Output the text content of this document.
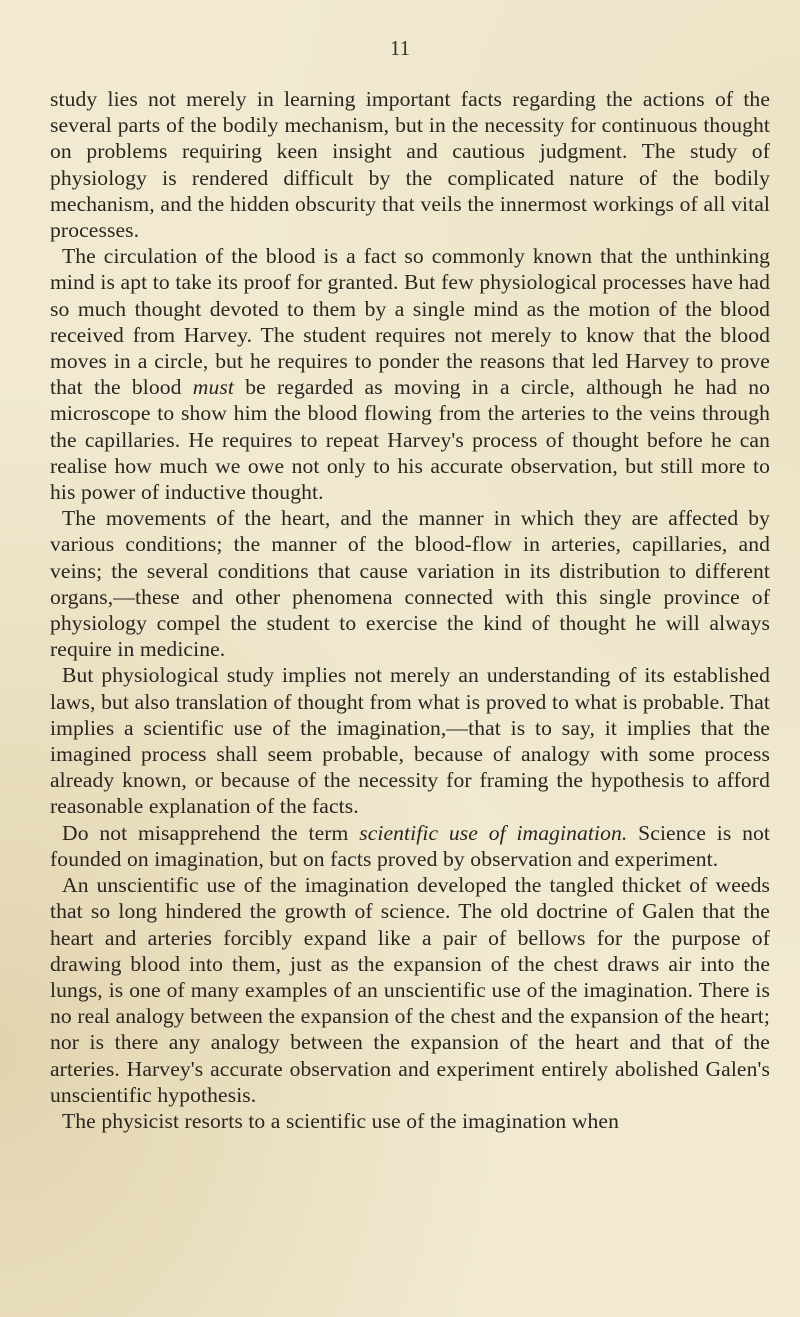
11

study lies not merely in learning important facts regarding the actions of the several parts of the bodily mechanism, but in the necessity for continuous thought on problems requiring keen insight and cautious judgment. The study of physiology is rendered difficult by the complicated nature of the bodily mechanism, and the hidden obscurity that veils the innermost workings of all vital processes.

The circulation of the blood is a fact so commonly known that the unthinking mind is apt to take its proof for granted. But few physiological processes have had so much thought devoted to them by a single mind as the motion of the blood received from Harvey. The student requires not merely to know that the blood moves in a circle, but he requires to ponder the reasons that led Harvey to prove that the blood must be regarded as moving in a circle, although he had no microscope to show him the blood flowing from the arteries to the veins through the capillaries. He requires to repeat Harvey's process of thought before he can realise how much we owe not only to his accurate observation, but still more to his power of inductive thought.

The movements of the heart, and the manner in which they are affected by various conditions; the manner of the blood-flow in arteries, capillaries, and veins; the several conditions that cause variation in its distribution to different organs,—these and other phenomena connected with this single province of physiology compel the student to exercise the kind of thought he will always require in medicine.

But physiological study implies not merely an understanding of its established laws, but also translation of thought from what is proved to what is probable. That implies a scientific use of the imagination,—that is to say, it implies that the imagined process shall seem probable, because of analogy with some process already known, or because of the necessity for framing the hypothesis to afford reasonable explanation of the facts.

Do not misapprehend the term scientific use of imagination. Science is not founded on imagination, but on facts proved by observation and experiment.

An unscientific use of the imagination developed the tangled thicket of weeds that so long hindered the growth of science. The old doctrine of Galen that the heart and arteries forcibly expand like a pair of bellows for the purpose of drawing blood into them, just as the expansion of the chest draws air into the lungs, is one of many examples of an unscientific use of the imagination. There is no real analogy between the expansion of the chest and the expansion of the heart; nor is there any analogy between the expansion of the heart and that of the arteries. Harvey's accurate observation and experiment entirely abolished Galen's unscientific hypothesis.

The physicist resorts to a scientific use of the imagination when
